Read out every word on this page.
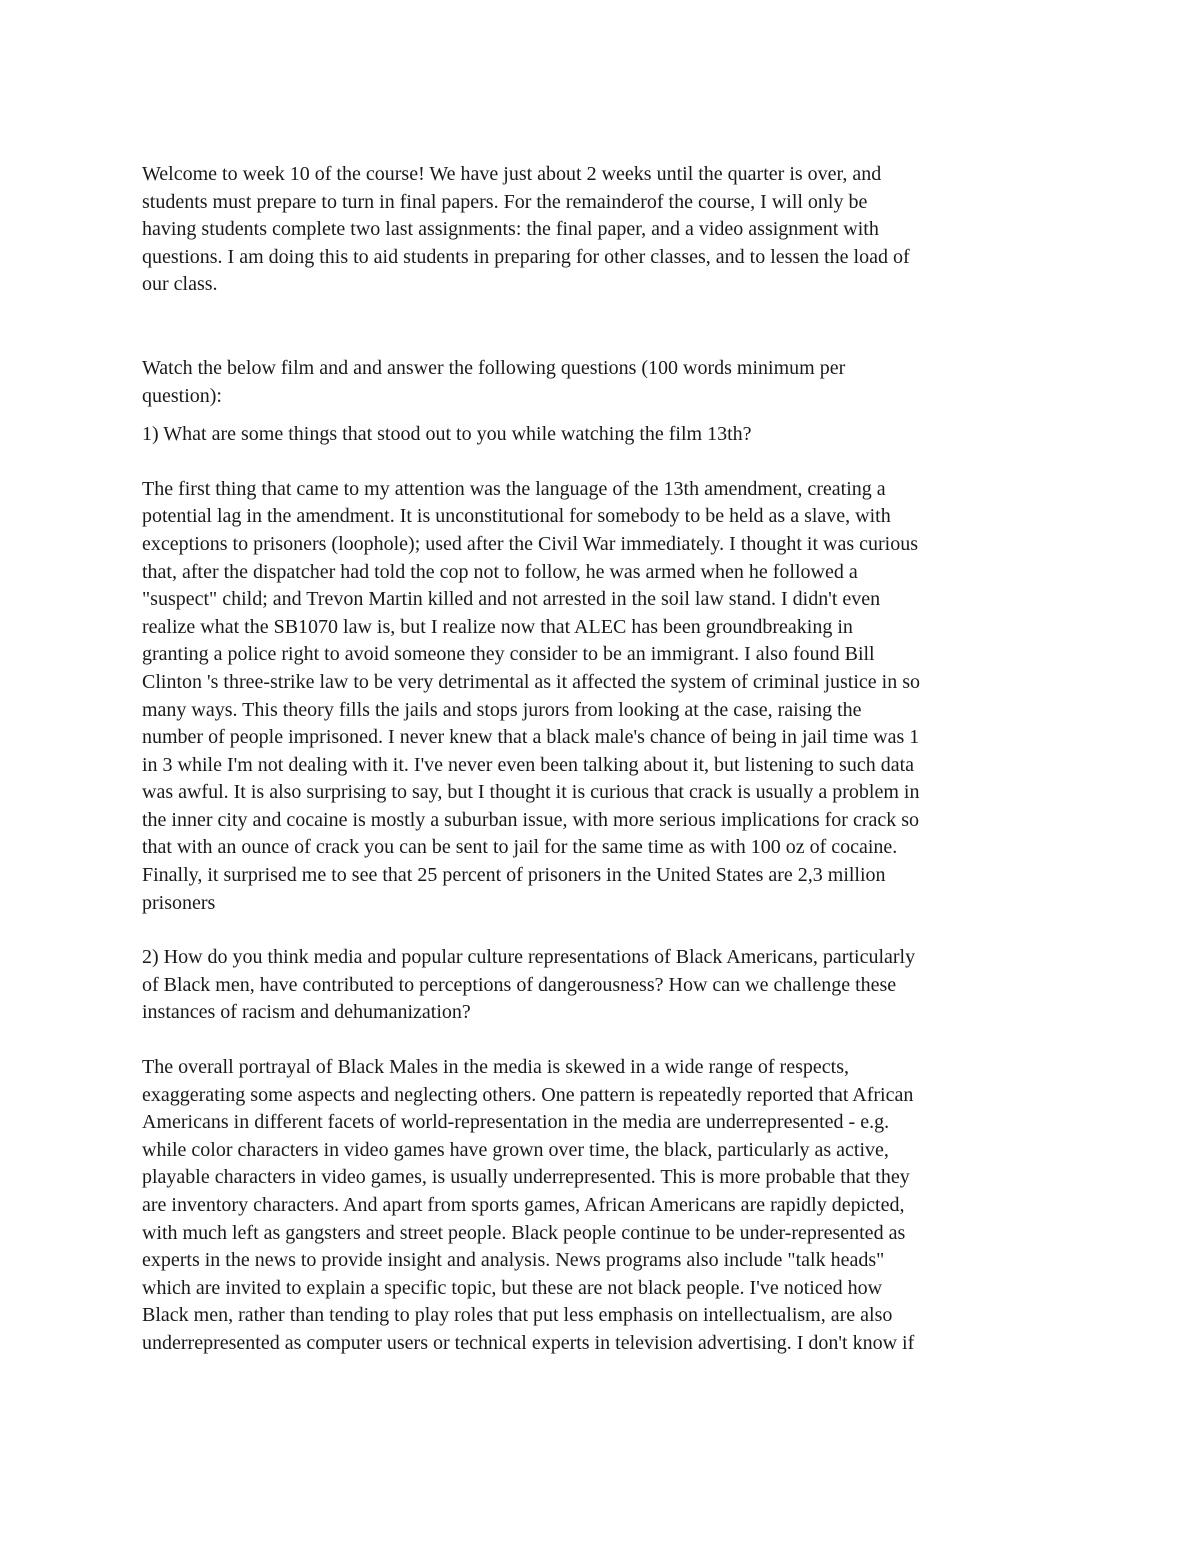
Welcome to week 10 of the course! We have just about 2 weeks until the quarter is over, and
students must prepare to turn in final papers. For the remainderof the course, I will only be
having students complete two last assignments: the final paper, and a video assignment with
questions. I am doing this to aid students in preparing for other classes, and to lessen the load of
our class.

Watch the below film and and answer the following questions (100 words minimum per
question):

1) What are some things that stood out to you while watching the film 13th?

The first thing that came to my attention was the language of the 13th amendment, creating a
potential lag in the amendment. It is unconstitutional for somebody to be held as a slave, with
exceptions to prisoners (loophole); used after the Civil War immediately. I thought it was curious
that, after the dispatcher had told the cop not to follow, he was armed when he followed a
"suspect" child; and Trevon Martin killed and not arrested in the soil law stand. I didn't even
realize what the SB1070 law is, but I realize now that ALEC has been groundbreaking in
granting a police right to avoid someone they consider to be an immigrant. I also found Bill
Clinton 's three-strike law to be very detrimental as it affected the system of criminal justice in so
many ways. This theory fills the jails and stops jurors from looking at the case, raising the
number of people imprisoned. I never knew that a black male's chance of being in jail time was 1
in 3 while I'm not dealing with it. I've never even been talking about it, but listening to such data
was awful. It is also surprising to say, but I thought it is curious that crack is usually a problem in
the inner city and cocaine is mostly a suburban issue, with more serious implications for crack so
that with an ounce of crack you can be sent to jail for the same time as with 100 oz of cocaine.
Finally, it surprised me to see that 25 percent of prisoners in the United States are 2,3 million
prisoners

2) How do you think media and popular culture representations of Black Americans, particularly
of Black men, have contributed to perceptions of dangerousness? How can we challenge these
instances of racism and dehumanization?

The overall portrayal of Black Males in the media is skewed in a wide range of respects,
exaggerating some aspects and neglecting others. One pattern is repeatedly reported that African
Americans in different facets of world-representation in the media are underrepresented - e.g.
while color characters in video games have grown over time, the black, particularly as active,
playable characters in video games, is usually underrepresented. This is more probable that they
are inventory characters. And apart from sports games, African Americans are rapidly depicted,
with much left as gangsters and street people. Black people continue to be under-represented as
experts in the news to provide insight and analysis. News programs also include "talk heads"
which are invited to explain a specific topic, but these are not black people. I've noticed how
Black men, rather than tending to play roles that put less emphasis on intellectualism, are also
underrepresented as computer users or technical experts in television advertising. I don't know if
